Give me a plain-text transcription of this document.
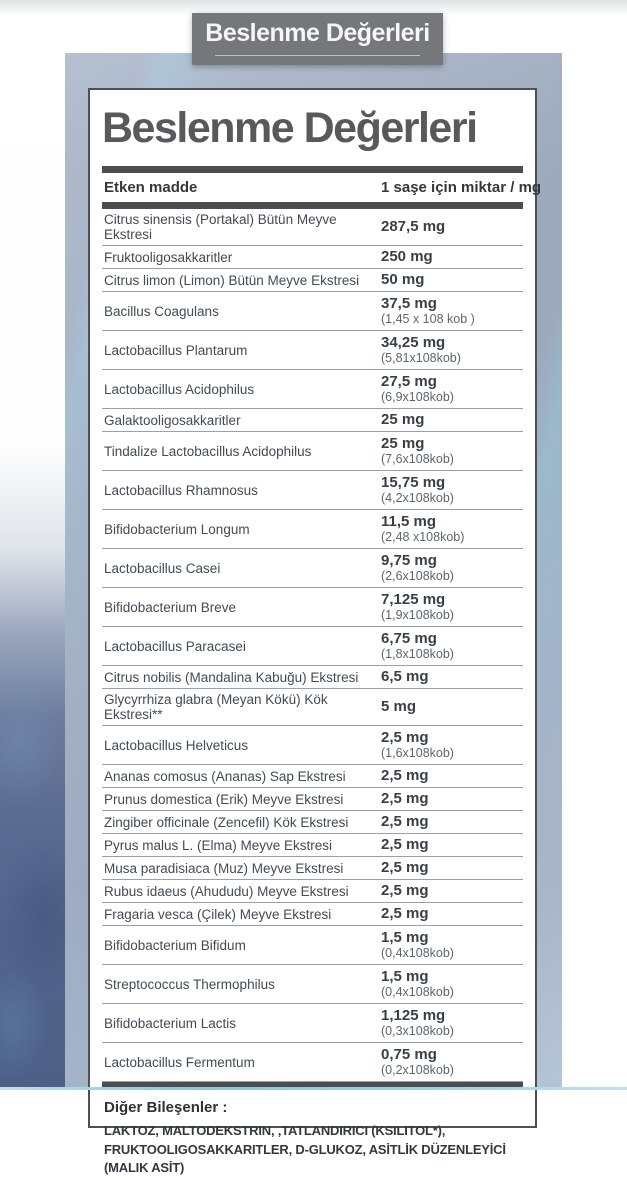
Beslenme Değerleri
Beslenme Değerleri
Etken madde	1 saşe için miktar / mg
Citrus sinensis (Portakal) Bütün Meyve Ekstresi	287,5 mg
Fruktooligosakkaritler	250 mg
Citrus limon (Limon) Bütün Meyve Ekstresi	50 mg
Bacillus Coagulans	37,5 mg
(1,45 x 108 kob )
Lactobacillus Plantarum	34,25 mg
(5,81x108kob)
Lactobacillus Acidophilus	27,5 mg
(6,9x108kob)
Galaktooligosakkaritler	25 mg
Tindalize Lactobacillus Acidophilus	25 mg
(7,6x108kob)
Lactobacillus Rhamnosus	15,75 mg
(4,2x108kob)
Bifidobacterium Longum	11,5 mg
(2,48 x108kob)
Lactobacillus Casei	9,75 mg
(2,6x108kob)
Bifidobacterium Breve	7,125 mg
(1,9x108kob)
Lactobacillus Paracasei	6,75 mg
(1,8x108kob)
Citrus nobilis (Mandalina Kabuğu) Ekstresi	6,5 mg
Glycyrrhiza glabra (Meyan Kökü) Kök Ekstresi**	5 mg
Lactobacillus Helveticus	2,5 mg
(1,6x108kob)
Ananas comosus (Ananas) Sap Ekstresi	2,5 mg
Prunus domestica (Erik) Meyve Ekstresi	2,5 mg
Zingiber officinale (Zencefil) Kök Ekstresi	2,5 mg
Pyrus malus L. (Elma) Meyve Ekstresi	2,5 mg
Musa paradisiaca (Muz) Meyve Ekstresi	2,5 mg
Rubus idaeus (Ahududu) Meyve Ekstresi	2,5 mg
Fragaria vesca (Çilek) Meyve Ekstresi	2,5 mg
Bifidobacterium Bifidum	1,5 mg
(0,4x108kob)
Streptococcus Thermophilus	1,5 mg
(0,4x108kob)
Bifidobacterium Lactis	1,125 mg
(0,3x108kob)
Lactobacillus Fermentum	0,75 mg
(0,2x108kob)
Diğer Bileşenler :
LAKTOZ, MALTODEKSTRIN, ,TATLANDIRICI (KSILITOL*),
FRUKTOOLIGOSAKKARITLER, D-GLUKOZ, ASİTLİK DÜZENLEYİCİ (MALIK ASİT)
